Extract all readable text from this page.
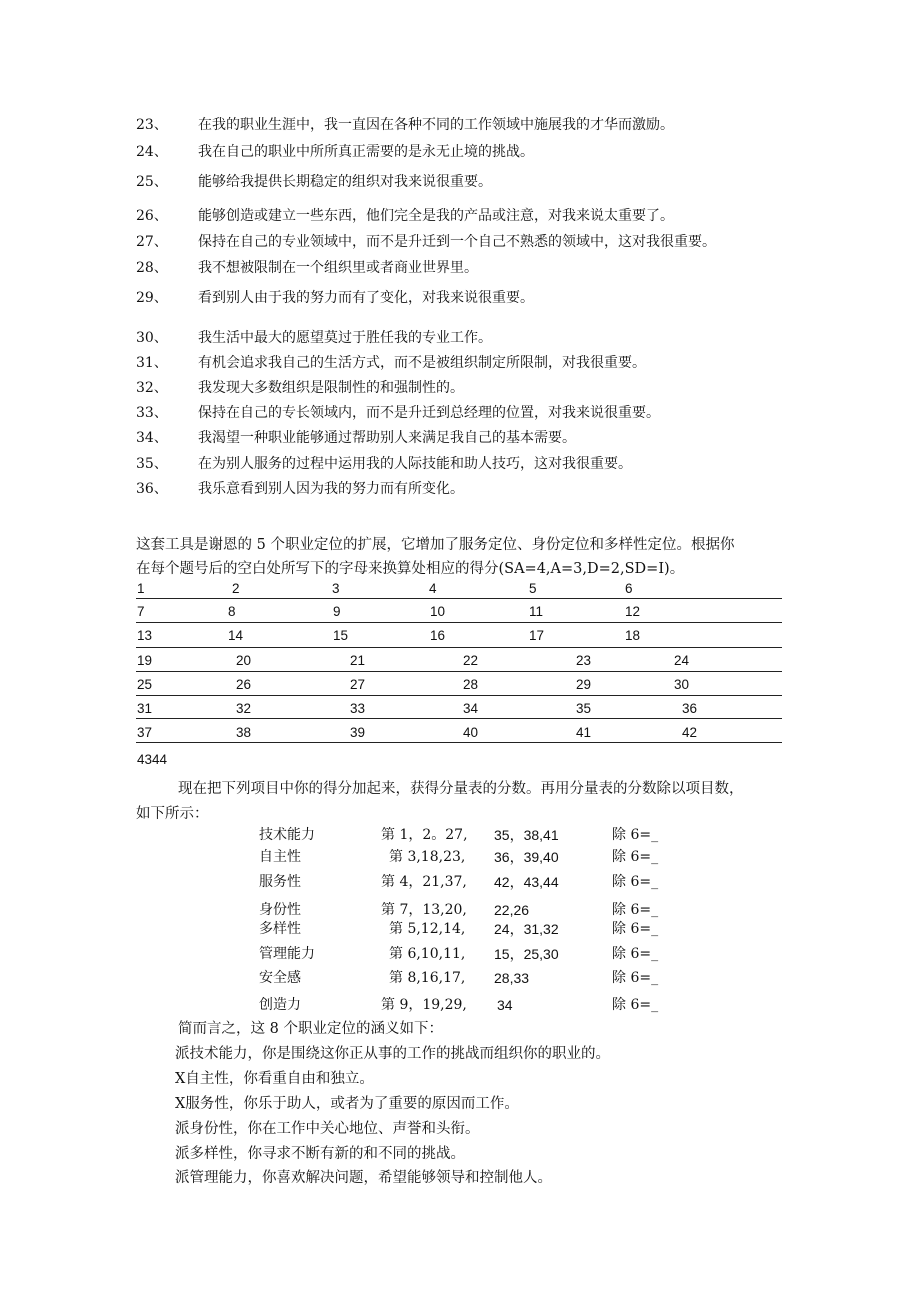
23、 在我的职业生涯中，我一直因在各种不同的工作领域中施展我的才华而激励。
24、 我在自己的职业中所所真正需要的是永无止境的挑战。
25、 能够给我提供长期稳定的组织对我来说很重要。
26、 能够创造或建立一些东西，他们完全是我的产品或注意，对我来说太重要了。
27、 保持在自己的专业领域中，而不是升迁到一个自己不熟悉的领域中，这对我很重要。
28、 我不想被限制在一个组织里或者商业世界里。
29、 看到别人由于我的努力而有了变化，对我来说很重要。
30、 我生活中最大的愿望莫过于胜任我的专业工作。
31、 有机会追求我自己的生活方式，而不是被组织制定所限制，对我很重要。
32、 我发现大多数组织是限制性的和强制性的。
33、 保持在自己的专长领域内，而不是升迁到总经理的位置，对我来说很重要。
34、 我渴望一种职业能够通过帮助别人来满足我自己的基本需要。
35、 在为别人服务的过程中运用我的人际技能和助人技巧，这对我很重要。
36、 我乐意看到别人因为我的努力而有所变化。
这套工具是谢恩的 5 个职业定位的扩展，它增加了服务定位、身份定位和多样性定位。根据你
在每个题号后的空白处所写下的字母来换算处相应的得分(SA=4,A=3,D=2,SD=I)。
1	2	3	4	5	6
7	8	9	10	11	12
13	14	15	16	17	18
19	20	21	22	23	24
25	26	27	28	29	30
31	32	33	34	35	36
37	38	39	40	41	42
4344
现在把下列项目中你的得分加起来，获得分量表的分数。再用分量表的分数除以项目数，
如下所示：
技术能力	第 1，2。27, 35，38,41	除 6=_
自主性	第 3,18,23, 36，39,40	除 6=_
服务性	第 4，21,37, 42，43,44	除 6=_
身份性	第 7，13,20, 22,26	除 6=_
多样性	第 5,12,14, 24，31,32	除 6=_
管理能力	第 6,10,11, 15，25,30	除 6=_
安全感	第 8,16,17, 28,33	除 6=_
创造力	第 9，19,29, 34	除 6=_
简而言之，这 8 个职业定位的涵义如下：
派技术能力，你是围绕这你正从事的工作的挑战而组织你的职业的。
X自主性，你看重自由和独立。
X服务性，你乐于助人，或者为了重要的原因而工作。
派身份性，你在工作中关心地位、声誉和头衔。
派多样性，你寻求不断有新的和不同的挑战。
派管理能力，你喜欢解决问题，希望能够领导和控制他人。
